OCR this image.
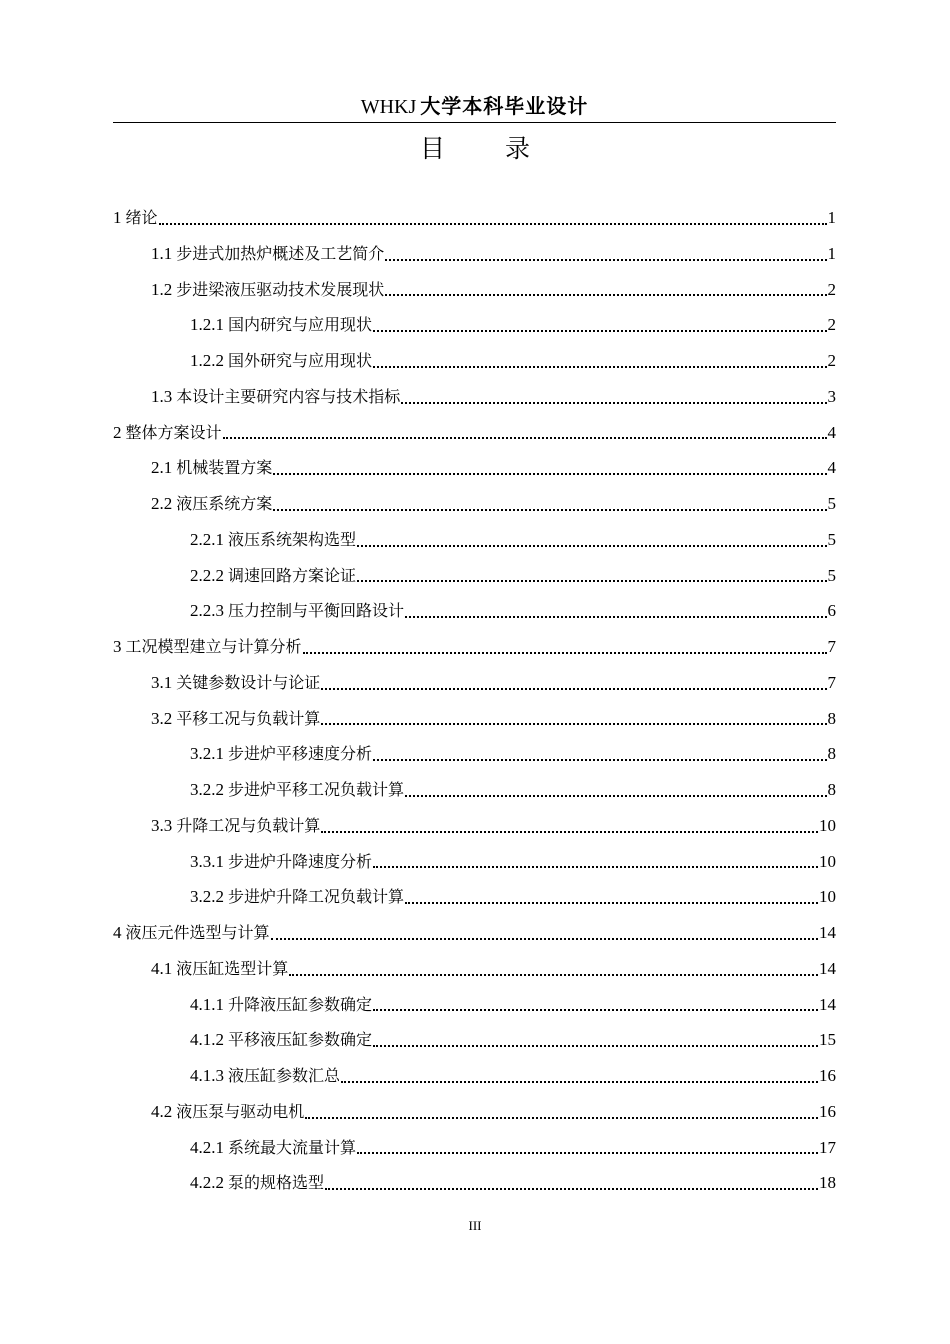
WHKJ 大学本科毕业设计
目 录
1 绪论	1
1.1 步进式加热炉概述及工艺简介	1
1.2 步进梁液压驱动技术发展现状	2
1.2.1 国内研究与应用现状	2
1.2.2 国外研究与应用现状	2
1.3 本设计主要研究内容与技术指标	3
2 整体方案设计	4
2.1 机械装置方案	4
2.2 液压系统方案	5
2.2.1 液压系统架构选型	5
2.2.2 调速回路方案论证	5
2.2.3 压力控制与平衡回路设计	6
3 工况模型建立与计算分析	7
3.1 关键参数设计与论证	7
3.2 平移工况与负载计算	8
3.2.1 步进炉平移速度分析	8
3.2.2 步进炉平移工况负载计算	8
3.3 升降工况与负载计算	10
3.3.1 步进炉升降速度分析	10
3.2.2 步进炉升降工况负载计算	10
4 液压元件选型与计算	14
4.1 液压缸选型计算	14
4.1.1 升降液压缸参数确定	14
4.1.2 平移液压缸参数确定	15
4.1.3 液压缸参数汇总	16
4.2 液压泵与驱动电机	16
4.2.1 系统最大流量计算	17
4.2.2 泵的规格选型	18
III
